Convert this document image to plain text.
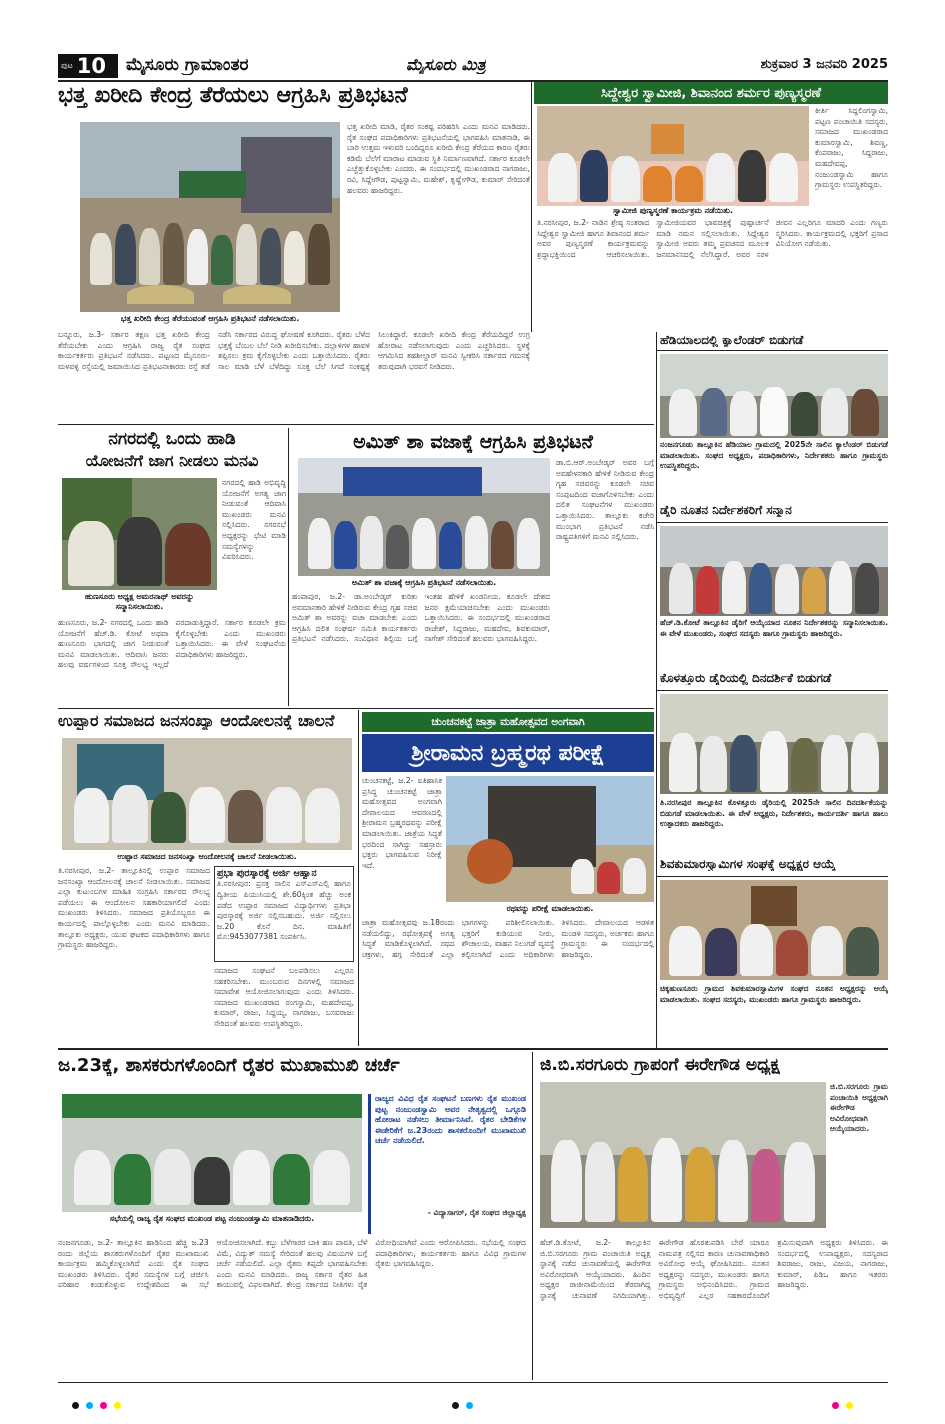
ಪುಟ 10 ಮೈಸೂರು ಗ್ರಾಮಾಂತರ	ಮೈಸೂರು ಮಿತ್ರ	ಶುಕ್ರವಾರ 3 ಜನವರಿ 2025
ಭತ್ತ ಖರೀದಿ ಕೇಂದ್ರ ತೆರೆಯಲು ಆಗ್ರಹಿಸಿ ಪ್ರತಿಭಟನೆ
ಭತ್ತ ಖರೀದಿ ಕೇಂದ್ರ ತೆರೆಯುವಂತೆ ಆಗ್ರಹಿಸಿ ಪ್ರತಿಭಟನೆ ನಡೆಸಲಾಯಿತು.
ಭತ್ತ ಖರೀದಿ ಮಾಡಿ, ರೈತರ ಸಂಕಷ್ಟ ಪರಿಹರಿಸಿ ಎಂದು ಮನವಿ ಮಾಡಿದರು. ರೈತ ಸಂಘದ ಪದಾಧಿಕಾರಿಗಳು ಪ್ರತಿಭಟನೆಯಲ್ಲಿ ಭಾಗವಹಿಸಿ ಮಾತನಾಡಿ, ಈ ಬಾರಿ ಉತ್ತಮ ಇಳುವರಿ ಬಂದಿದ್ದರೂ ಖರೀದಿ ಕೇಂದ್ರ ತೆರೆಯದ ಕಾರಣ ರೈತರು ಕಡಿಮೆ ಬೆಲೆಗೆ ಮಾರಾಟ ಮಾಡುವ ಸ್ಥಿತಿ ನಿರ್ಮಾಣವಾಗಿದೆ. ಸರ್ಕಾರ ಕೂಡಲೇ ಎಚ್ಚೆತ್ತುಕೊಳ್ಳಬೇಕು ಎಂದರು. ಈ ಸಂದರ್ಭದಲ್ಲಿ ಮುಖಂಡರಾದ ನಾಗರಾಜು, ರವಿ, ಸಿದ್ದೇಗೌಡ, ಪುಟ್ಟಸ್ವಾಮಿ, ಮಹೇಶ್, ಕೃಷ್ಣೇಗೌಡ, ಕುಮಾರ್ ಸೇರಿದಂತೆ ಹಲವರು ಹಾಜರಿದ್ದರು.
ಬನ್ನೂರು, ಜ.3- ಸರ್ಕಾರ ತಕ್ಷಣ ಭತ್ತ ಖರೀದಿ ಕೇಂದ್ರ ತೆರೆಯಬೇಕು ಎಂದು ಆಗ್ರಹಿಸಿ ರಾಜ್ಯ ರೈತ ಸಂಘದ ಕಾರ್ಯಕರ್ತರು ಪ್ರತಿಭಟನೆ ನಡೆಸಿದರು. ಪಟ್ಟಣದ ಮೈಸೂರು-ಮಳವಳ್ಳಿ ರಸ್ತೆಯಲ್ಲಿ ಜಮಾಯಿಸಿದ ಪ್ರತಿಭಟನಾಕಾರರು ರಸ್ತೆ ತಡೆ ನಡೆಸಿ ಸರ್ಕಾರದ ವಿರುದ್ಧ ಘೋಷಣೆ ಕೂಗಿದರು. ರೈತರು ಬೆಳೆದ ಭತ್ತಕ್ಕೆ ಬೆಂಬಲ ಬೆಲೆ ನೀಡಿ ಖರೀದಿಸಬೇಕು. ದಲ್ಲಾಳಿಗಳ ಹಾವಳಿ ತಪ್ಪಿಸಲು ಕ್ರಮ ಕೈಗೊಳ್ಳಬೇಕು ಎಂದು ಒತ್ತಾಯಿಸಿದರು. ರೈತರು ಸಾಲ ಮಾಡಿ ಬೆಳೆ ಬೆಳೆದಿದ್ದು ಸೂಕ್ತ ಬೆಲೆ ಸಿಗದೆ ಸಂಕಷ್ಟಕ್ಕೆ ಸಿಲುಕಿದ್ದಾರೆ. ಕೂಡಲೇ ಖರೀದಿ ಕೇಂದ್ರ ತೆರೆಯದಿದ್ದರೆ ಉಗ್ರ ಹೋರಾಟ ನಡೆಸಲಾಗುವುದು ಎಂದು ಎಚ್ಚರಿಸಿದರು. ಸ್ಥಳಕ್ಕೆ ಆಗಮಿಸಿದ ತಹಶೀಲ್ದಾರ್ ಮನವಿ ಸ್ವೀಕರಿಸಿ ಸರ್ಕಾರದ ಗಮನಕ್ಕೆ ತರುವುದಾಗಿ ಭರವಸೆ ನೀಡಿದರು.
ಸಿದ್ದೇಶ್ವರ ಸ್ವಾಮೀಜಿ, ಶಿವಾನಂದ ಶರ್ಮರ ಪುಣ್ಯಸ್ಮರಣೆ
ಕೀರ್ತಿ ಸಿದ್ದಲಿಂಗಸ್ವಾಮಿ, ಪಟ್ಟಣ ಪಂಚಾಯಿತಿ ಸದಸ್ಯರು, ಸಮಾಜದ ಮುಖಂಡರಾದ ಕುಮಾರಸ್ವಾಮಿ, ಶಿವಣ್ಣ, ಕೆಂಪರಾಜು, ಸಿದ್ದರಾಜು, ಮಹದೇವಪ್ಪ, ನಂಜುಂಡಸ್ವಾಮಿ ಹಾಗೂ ಗ್ರಾಮಸ್ಥರು ಉಪಸ್ಥಿತರಿದ್ದರು.
ಸ್ವಾಮೀಜಿ ಪುಣ್ಯಸ್ಮರಣೆ ಕಾರ್ಯಕ್ರಮ ನಡೆಯಿತು.
ತಿ.ನರಸೀಪುರ, ಜ.2- ನಾಡಿನ ಶ್ರೇಷ್ಠ ಸಂತರಾದ ಸಿದ್ದೇಶ್ವರ ಸ್ವಾಮೀಜಿ ಹಾಗೂ ಶಿವಾನಂದ ಶರ್ಮ ಅವರ ಪುಣ್ಯಸ್ಮರಣೆ ಕಾರ್ಯಕ್ರಮವನ್ನು ಶ್ರದ್ಧಾಭಕ್ತಿಯಿಂದ ಆಚರಿಸಲಾಯಿತು. ಸ್ವಾಮೀಜಿಯವರ ಭಾವಚಿತ್ರಕ್ಕೆ ಪುಷ್ಪಾರ್ಚನೆ ಮಾಡಿ ನಮನ ಸಲ್ಲಿಸಲಾಯಿತು. ಸಿದ್ದೇಶ್ವರ ಸ್ವಾಮೀಜಿ ಅವರು ತಮ್ಮ ಪ್ರವಚನದ ಮೂಲಕ ಜನಮಾನಸದಲ್ಲಿ ನೆಲೆಸಿದ್ದಾರೆ. ಅವರ ಸರಳ ಜೀವನ ಎಲ್ಲರಿಗೂ ಮಾದರಿ ಎಂದು ಗಣ್ಯರು ಸ್ಮರಿಸಿದರು. ಕಾರ್ಯಕ್ರಮದಲ್ಲಿ ಭಕ್ತರಿಗೆ ಪ್ರಸಾದ ವಿನಿಯೋಗ ನಡೆಯಿತು.
ಹೆಡಿಯಾಲದಲ್ಲಿ ಕ್ಯಾಲೆಂಡರ್ ಬಿಡುಗಡೆ
ನಂಜನಗೂಡು ತಾಲ್ಲೂಕಿನ ಹೆಡಿಯಾಲ ಗ್ರಾಮದಲ್ಲಿ 2025ನೇ ಸಾಲಿನ ಕ್ಯಾಲೆಂಡರ್ ಬಿಡುಗಡೆ ಮಾಡಲಾಯಿತು. ಸಂಘದ ಅಧ್ಯಕ್ಷರು, ಪದಾಧಿಕಾರಿಗಳು, ನಿರ್ದೇಶಕರು ಹಾಗೂ ಗ್ರಾಮಸ್ಥರು ಉಪಸ್ಥಿತರಿದ್ದರು.
ಡೈರಿ ನೂತನ ನಿರ್ದೇಶಕರಿಗೆ ಸನ್ಮಾನ
ಹೆಚ್.ಡಿ.ಕೋಟೆ ತಾಲ್ಲೂಕಿನ ಡೈರಿಗೆ ಆಯ್ಕೆಯಾದ ನೂತನ ನಿರ್ದೇಶಕರನ್ನು ಸನ್ಮಾನಿಸಲಾಯಿತು. ಈ ವೇಳೆ ಮುಖಂಡರು, ಸಂಘದ ಸದಸ್ಯರು ಹಾಗೂ ಗ್ರಾಮಸ್ಥರು ಹಾಜರಿದ್ದರು.
ಕೊಳತ್ತೂರು ಡೈರಿಯಲ್ಲಿ ದಿನದರ್ಶಿಕೆ ಬಿಡುಗಡೆ
ತಿ.ನರಸೀಪುರ ತಾಲ್ಲೂಕಿನ ಕೊಳತ್ತೂರು ಡೈರಿಯಲ್ಲಿ 2025ನೇ ಸಾಲಿನ ದಿನದರ್ಶಿಕೆಯನ್ನು ಬಿಡುಗಡೆ ಮಾಡಲಾಯಿತು. ಈ ವೇಳೆ ಅಧ್ಯಕ್ಷರು, ನಿರ್ದೇಶಕರು, ಕಾರ್ಯದರ್ಶಿ ಹಾಗೂ ಹಾಲು ಉತ್ಪಾದಕರು ಹಾಜರಿದ್ದರು.
ಶಿವಕುಮಾರಸ್ವಾಮಿಗಳ ಸಂಘಕ್ಕೆ ಅಧ್ಯಕ್ಷರ ಆಯ್ಕೆ
ಚಿಕ್ಕಹುಣಸೂರು ಗ್ರಾಮದ ಶಿವಕುಮಾರಸ್ವಾಮಿಗಳ ಸಂಘದ ನೂತನ ಅಧ್ಯಕ್ಷರನ್ನು ಆಯ್ಕೆ ಮಾಡಲಾಯಿತು. ಸಂಘದ ಸದಸ್ಯರು, ಮುಖಂಡರು ಹಾಗೂ ಗ್ರಾಮಸ್ಥರು ಹಾಜರಿದ್ದರು.
ನಗರದಲ್ಲಿ ಒಂದು ಹಾಡಿ
ಯೋಜನೆಗೆ ಜಾಗ ನೀಡಲು ಮನವಿ
ಹುಣಸೂರು ಅಧ್ಯಕ್ಷ ಅಮರನಾಥ್ ಅವರನ್ನು ಸನ್ಮಾನಿಸಲಾಯಿತು.
ನಗರದಲ್ಲಿ ಹಾಡಿ ಅಭಿವೃದ್ಧಿ ಯೋಜನೆಗೆ ಅಗತ್ಯ ಜಾಗ ನೀಡುವಂತೆ ಆದಿವಾಸಿ ಮುಖಂಡರು ಮನವಿ ಸಲ್ಲಿಸಿದರು. ನಗರಸಭೆ ಅಧ್ಯಕ್ಷರನ್ನು ಭೇಟಿ ಮಾಡಿ ಸಮಸ್ಯೆಗಳನ್ನು ವಿವರಿಸಿದರು.
ಹುಣಸೂರು, ಜ.2- ನಗರದಲ್ಲಿ ಒಂದು ಹಾಡಿ ಯೋಜನೆಗೆ ಹೆಚ್.ಡಿ. ಕೋಟೆ ಅಥವಾ ಹುಣಸೂರು ಭಾಗದಲ್ಲಿ ಜಾಗ ನೀಡುವಂತೆ ಮನವಿ ಮಾಡಲಾಯಿತು. ಆದಿವಾಸಿ ಜನರು ಹಲವು ವರ್ಷಗಳಿಂದ ಸೂಕ್ತ ಸೌಲಭ್ಯ ಇಲ್ಲದೆ ಪರದಾಡುತ್ತಿದ್ದಾರೆ. ಸರ್ಕಾರ ಕೂಡಲೇ ಕ್ರಮ ಕೈಗೊಳ್ಳಬೇಕು ಎಂದು ಮುಖಂಡರು ಒತ್ತಾಯಿಸಿದರು. ಈ ವೇಳೆ ಸಂಘಟನೆಯ ಪದಾಧಿಕಾರಿಗಳು ಹಾಜರಿದ್ದರು.
ಅಮಿತ್ ಶಾ ವಜಾಕ್ಕೆ ಆಗ್ರಹಿಸಿ ಪ್ರತಿಭಟನೆ
ಅಮಿತ್ ಶಾ ವಜಾಕ್ಕೆ ಆಗ್ರಹಿಸಿ ಪ್ರತಿಭಟನೆ ನಡೆಸಲಾಯಿತು.
ಡಾ.ಬಿ.ಆರ್.ಅಂಬೇಡ್ಕರ್ ಅವರ ಬಗ್ಗೆ ಅವಹೇಳನಕಾರಿ ಹೇಳಿಕೆ ನೀಡಿರುವ ಕೇಂದ್ರ ಗೃಹ ಸಚಿವರನ್ನು ಕೂಡಲೇ ಸಚಿವ ಸಂಪುಟದಿಂದ ವಜಾಗೊಳಿಸಬೇಕು ಎಂದು ದಲಿತ ಸಂಘಟನೆಗಳ ಮುಖಂಡರು ಒತ್ತಾಯಿಸಿದರು. ತಾಲ್ಲೂಕು ಕಚೇರಿ ಮುಂಭಾಗ ಪ್ರತಿಭಟನೆ ನಡೆಸಿ ರಾಷ್ಟ್ರಪತಿಗಳಿಗೆ ಮನವಿ ಸಲ್ಲಿಸಿದರು.
ಹಂಪಾಪುರ, ಜ.2- ಡಾ.ಅಂಬೇಡ್ಕರ್ ಕುರಿತು ಅವಮಾನಕಾರಿ ಹೇಳಿಕೆ ನೀಡಿರುವ ಕೇಂದ್ರ ಗೃಹ ಸಚಿವ ಅಮಿತ್ ಶಾ ಅವರನ್ನು ವಜಾ ಮಾಡಬೇಕು ಎಂದು ಆಗ್ರಹಿಸಿ ದಲಿತ ಸಂಘರ್ಷ ಸಮಿತಿ ಕಾರ್ಯಕರ್ತರು ಪ್ರತಿಭಟನೆ ನಡೆಸಿದರು. ಸಂವಿಧಾನ ಶಿಲ್ಪಿಯ ಬಗ್ಗೆ ಇಂತಹ ಹೇಳಿಕೆ ಖಂಡನೀಯ. ಕೂಡಲೇ ದೇಶದ ಜನರ ಕ್ಷಮೆಯಾಚಿಸಬೇಕು ಎಂದು ಮುಖಂಡರು ಒತ್ತಾಯಿಸಿದರು. ಈ ಸಂದರ್ಭದಲ್ಲಿ ಮುಖಂಡರಾದ ರಾಜೇಶ್, ಸಿದ್ದರಾಜು, ಮಹದೇವ, ಶಿವಕುಮಾರ್, ನಾಗೇಶ್ ಸೇರಿದಂತೆ ಹಲವರು ಭಾಗವಹಿಸಿದ್ದರು.
ಉಪ್ಪಾರ ಸಮಾಜದ ಜನಸಂಖ್ಯಾ ಆಂದೋಲನಕ್ಕೆ ಚಾಲನೆ
ಉಪ್ಪಾರ ಸಮಾಜದ ಜನಸಂಖ್ಯಾ ಆಂದೋಲನಕ್ಕೆ ಚಾಲನೆ ನೀಡಲಾಯಿತು.
ತಿ.ನರಸೀಪುರ, ಜ.2- ತಾಲ್ಲೂಕಿನಲ್ಲಿ ಉಪ್ಪಾರ ಸಮಾಜದ ಜನಸಂಖ್ಯಾ ಆಂದೋಲನಕ್ಕೆ ಚಾಲನೆ ನೀಡಲಾಯಿತು. ಸಮಾಜದ ಎಲ್ಲಾ ಕುಟುಂಬಗಳ ಮಾಹಿತಿ ಸಂಗ್ರಹಿಸಿ ಸರ್ಕಾರದ ಸೌಲಭ್ಯ ಪಡೆಯಲು ಈ ಆಂದೋಲನ ಸಹಕಾರಿಯಾಗಲಿದೆ ಎಂದು ಮುಖಂಡರು ತಿಳಿಸಿದರು. ಸಮಾಜದ ಪ್ರತಿಯೊಬ್ಬರೂ ಈ ಕಾರ್ಯದಲ್ಲಿ ಪಾಲ್ಗೊಳ್ಳಬೇಕು ಎಂದು ಮನವಿ ಮಾಡಿದರು. ತಾಲ್ಲೂಕು ಅಧ್ಯಕ್ಷರು, ಯುವ ಘಟಕದ ಪದಾಧಿಕಾರಿಗಳು ಹಾಗೂ ಗ್ರಾಮಸ್ಥರು ಹಾಜರಿದ್ದರು.
ಪ್ರಭಾ ಪುರಸ್ಕಾರಕ್ಕೆ ಅರ್ಜಿ ಆಹ್ವಾನ
ತಿ.ನರಸೀಪುರ: ಪ್ರಸಕ್ತ ಸಾಲಿನ ಎಸ್ಎಸ್ಎಲ್ಸಿ ಹಾಗೂ ದ್ವಿತೀಯ ಪಿಯುಸಿಯಲ್ಲಿ ಶೇ.60ಕ್ಕಿಂತ ಹೆಚ್ಚು ಅಂಕ ಪಡೆದ ಉಪ್ಪಾರ ಸಮಾಜದ ವಿದ್ಯಾರ್ಥಿಗಳು ಪ್ರತಿಭಾ ಪುರಸ್ಕಾರಕ್ಕೆ ಅರ್ಜಿ ಸಲ್ಲಿಸಬಹುದು. ಅರ್ಜಿ ಸಲ್ಲಿಸಲು ಜ.20 ಕೊನೆ ದಿನ. ಮಾಹಿತಿಗೆ ಮೊ:9453077381 ಸಂಪರ್ಕಿಸಿ.
ಸಮಾಜದ ಸಂಘಟನೆ ಬಲಪಡಿಸಲು ಎಲ್ಲರೂ ಸಹಕರಿಸಬೇಕು. ಮುಂಬರುವ ದಿನಗಳಲ್ಲಿ ಸಮಾಜದ ಸಮಾವೇಶ ಆಯೋಜಿಸಲಾಗುವುದು ಎಂದು ತಿಳಿಸಿದರು. ಸಮಾಜದ ಮುಖಂಡರಾದ ರಂಗಸ್ವಾಮಿ, ಮಹದೇವಪ್ಪ, ಕುಮಾರ್, ರಾಜು, ಸಿದ್ದಯ್ಯ, ನಾಗರಾಜು, ಬಸವರಾಜು ಸೇರಿದಂತೆ ಹಲವರು ಉಪಸ್ಥಿತರಿದ್ದರು.
ಚುಂಚನಕಟ್ಟೆ ಜಾತ್ರಾ ಮಹೋತ್ಸವದ ಅಂಗವಾಗಿ
ಶ್ರೀರಾಮನ ಬ್ರಹ್ಮರಥ ಪರೀಕ್ಷೆ
ಚುಂಚನಕಟ್ಟೆ, ಜ.2- ಐತಿಹಾಸಿಕ ಪ್ರಸಿದ್ಧ ಚುಂಚನಕಟ್ಟೆ ಜಾತ್ರಾ ಮಹೋತ್ಸವದ ಅಂಗವಾಗಿ ದೇವಾಲಯದ ಆವರಣದಲ್ಲಿ ಶ್ರೀರಾಮನ ಬ್ರಹ್ಮರಥವನ್ನು ಪರೀಕ್ಷೆ ಮಾಡಲಾಯಿತು. ಜಾತ್ರೆಯ ಸಿದ್ಧತೆ ಭರದಿಂದ ಸಾಗಿದ್ದು ಸಹಸ್ರಾರು ಭಕ್ತರು ಭಾಗವಹಿಸುವ ನಿರೀಕ್ಷೆ ಇದೆ.
ರಥವನ್ನು ಪರೀಕ್ಷೆ ಮಾಡಲಾಯಿತು.
ಜಾತ್ರಾ ಮಹೋತ್ಸವವು ಜ.18ರಂದು ನಡೆಯಲಿದ್ದು, ರಥೋತ್ಸವಕ್ಕೆ ಅಗತ್ಯ ಸಿದ್ಧತೆ ಮಾಡಿಕೊಳ್ಳಲಾಗಿದೆ. ರಥದ ಚಕ್ರಗಳು, ಹಗ್ಗ ಸೇರಿದಂತೆ ಎಲ್ಲಾ ಭಾಗಗಳನ್ನು ಪರಿಶೀಲಿಸಲಾಯಿತು. ಭಕ್ತರಿಗೆ ಕುಡಿಯುವ ನೀರು, ಶೌಚಾಲಯ, ವಾಹನ ನಿಲುಗಡೆ ವ್ಯವಸ್ಥೆ ಕಲ್ಪಿಸಲಾಗಿದೆ ಎಂದು ಅಧಿಕಾರಿಗಳು ತಿಳಿಸಿದರು. ದೇವಾಲಯದ ಆಡಳಿತ ಮಂಡಳಿ ಸದಸ್ಯರು, ಅರ್ಚಕರು ಹಾಗೂ ಗ್ರಾಮಸ್ಥರು ಈ ಸಂದರ್ಭದಲ್ಲಿ ಹಾಜರಿದ್ದರು.
ಜ.23ಕ್ಕೆ, ಶಾಸಕರುಗಳೊಂದಿಗೆ ರೈತರ ಮುಖಾಮುಖಿ ಚರ್ಚೆ
ಸಭೆಯಲ್ಲಿ ರಾಜ್ಯ ರೈತ ಸಂಘದ ಮುಖಂಡ ಪಟ್ಟ ನಂಜುಂಡಸ್ವಾಮಿ ಮಾತನಾಡಿದರು.
ರಾಜ್ಯದ ವಿವಿಧ ರೈತ ಸಂಘಟನೆ ಬಣಗಳು ರೈತ ಮುಖಂಡ ಪುಟ್ಟ ನಂಜುಂಡಸ್ವಾಮಿ ಅವರ ನೇತೃತ್ವದಲ್ಲಿ ಒಗ್ಗೂಡಿ ಹೋರಾಟ ನಡೆಸಲು ತೀರ್ಮಾನಿಸಿವೆ. ರೈತರ ಬೇಡಿಕೆಗಳ ಈಡೇರಿಕೆಗೆ ಜ.23ರಂದು ಶಾಸಕರೊಂದಿಗೆ ಮುಖಾಮುಖಿ ಚರ್ಚೆ ನಡೆಯಲಿದೆ.
- ವಿದ್ಯಾಸಾಗರ್, ರೈತ ಸಂಘದ ಜಿಲ್ಲಾಧ್ಯಕ್ಷ
ನಂಜನಗೂಡು, ಜ.2- ತಾಲ್ಲೂಕಿನ ಹಾಡಿನಿಂದ ಹೆಚ್ಚಿ ಜ.23 ರಂದು ಜಿಲ್ಲೆಯ ಶಾಸಕರುಗಳೊಂದಿಗೆ ರೈತರ ಮುಖಾಮುಖಿ ಕಾರ್ಯಕ್ರಮ ಹಮ್ಮಿಕೊಳ್ಳಲಾಗಿದೆ ಎಂದು ರೈತ ಸಂಘದ ಮುಖಂಡರು ತಿಳಿಸಿದರು. ರೈತರ ಸಮಸ್ಯೆಗಳ ಬಗ್ಗೆ ಚರ್ಚಿಸಿ ಪರಿಹಾರ ಕಂಡುಕೊಳ್ಳುವ ಉದ್ದೇಶದಿಂದ ಈ ಸಭೆ ಆಯೋಜಿಸಲಾಗಿದೆ. ಕಬ್ಬು ಬೆಳೆಗಾರರ ಬಾಕಿ ಹಣ ಪಾವತಿ, ಬೆಳೆ ವಿಮೆ, ವಿದ್ಯುತ್ ಸಮಸ್ಯೆ ಸೇರಿದಂತೆ ಹಲವು ವಿಷಯಗಳ ಬಗ್ಗೆ ಚರ್ಚೆ ನಡೆಯಲಿದೆ. ಎಲ್ಲಾ ರೈತರು ತಪ್ಪದೇ ಭಾಗವಹಿಸಬೇಕು ಎಂದು ಮನವಿ ಮಾಡಿದರು. ರಾಜ್ಯ ಸರ್ಕಾರ ರೈತರ ಹಿತ ಕಾಯುವಲ್ಲಿ ವಿಫಲವಾಗಿದೆ. ಕೇಂದ್ರ ಸರ್ಕಾರದ ನೀತಿಗಳು ರೈತ ವಿರೋಧಿಯಾಗಿವೆ ಎಂದು ಆರೋಪಿಸಿದರು. ಸಭೆಯಲ್ಲಿ ಸಂಘದ ಪದಾಧಿಕಾರಿಗಳು, ಕಾರ್ಯಕರ್ತರು ಹಾಗೂ ವಿವಿಧ ಗ್ರಾಮಗಳ ರೈತರು ಭಾಗವಹಿಸಿದ್ದರು.
ಜಿ.ಬಿ.ಸರಗೂರು ಗ್ರಾಪಂಗೆ ಈರೇಗೌಡ ಅಧ್ಯಕ್ಷ
ಜಿ.ಬಿ.ಸರಗೂರು ಗ್ರಾಮ ಪಂಚಾಯಿತಿ ಅಧ್ಯಕ್ಷರಾಗಿ ಈರೇಗೌಡ ಅವಿರೋಧವಾಗಿ ಆಯ್ಕೆಯಾದರು.
ಹೆಚ್.ಡಿ.ಕೋಟೆ, ಜ.2- ತಾಲ್ಲೂಕಿನ ಜಿ.ಬಿ.ಸರಗೂರು ಗ್ರಾಮ ಪಂಚಾಯಿತಿ ಅಧ್ಯಕ್ಷ ಸ್ಥಾನಕ್ಕೆ ನಡೆದ ಚುನಾವಣೆಯಲ್ಲಿ ಈರೇಗೌಡ ಅವಿರೋಧವಾಗಿ ಆಯ್ಕೆಯಾದರು. ಹಿಂದಿನ ಅಧ್ಯಕ್ಷರ ರಾಜೀನಾಮೆಯಿಂದ ತೆರವಾಗಿದ್ದ ಸ್ಥಾನಕ್ಕೆ ಚುನಾವಣೆ ನಿಗದಿಯಾಗಿತ್ತು. ಈರೇಗೌಡ ಹೊರತುಪಡಿಸಿ ಬೇರೆ ಯಾರೂ ನಾಮಪತ್ರ ಸಲ್ಲಿಸದ ಕಾರಣ ಚುನಾವಣಾಧಿಕಾರಿ ಅವಿರೋಧ ಆಯ್ಕೆ ಘೋಷಿಸಿದರು. ನೂತನ ಅಧ್ಯಕ್ಷರನ್ನು ಸದಸ್ಯರು, ಮುಖಂಡರು ಹಾಗೂ ಗ್ರಾಮಸ್ಥರು ಅಭಿನಂದಿಸಿದರು. ಗ್ರಾಮದ ಅಭಿವೃದ್ಧಿಗೆ ಎಲ್ಲರ ಸಹಕಾರದೊಂದಿಗೆ ಶ್ರಮಿಸುವುದಾಗಿ ಅಧ್ಯಕ್ಷರು ತಿಳಿಸಿದರು. ಈ ಸಂದರ್ಭದಲ್ಲಿ ಉಪಾಧ್ಯಕ್ಷರು, ಸದಸ್ಯರಾದ ಶಿವರಾಜು, ರಾಜು, ವಿಜಯ, ನಾಗರಾಜು, ಕುಮಾರ್, ಪಿಡಿಒ ಹಾಗೂ ಇತರರು ಹಾಜರಿದ್ದರು.
